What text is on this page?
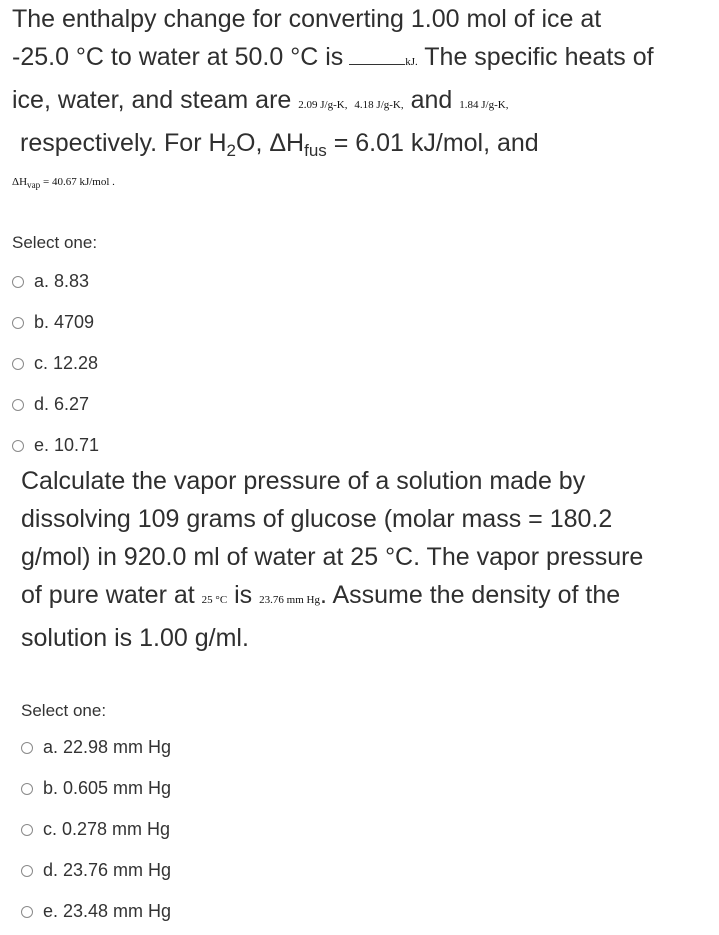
The enthalpy change for converting 1.00 mol of ice at
-25.0 °C to water at 50.0 °C is	kJ. The specific heats of
ice, water, and steam are 2.09 J/g-K, 4.18 J/g-K, and 1.84 J/g-K,
respectively. For $H_2O$, $\Delta H_{fus} = 6.01$ kJ/mol, and
$\Delta H_{vap} = 40.67$ kJ/mol .

Select one:

a. 8.83
b. 4709
c. 12.28
d. 6.27
e. 10.71
Calculate the vapor pressure of a solution made by
dissolving 109 grams of glucose (molar mass = 180.2
g/mol) in 920.0 ml of water at 25 °C. The vapor pressure
of pure water at 25 °C is 23.76 mm Hg. Assume the density of the
solution is 1.00 g/ml.

Select one:

a. 22.98 mm Hg
b. 0.605 mm Hg
c. 0.278 mm Hg
d. 23.76 mm Hg
e. 23.48 mm Hg
